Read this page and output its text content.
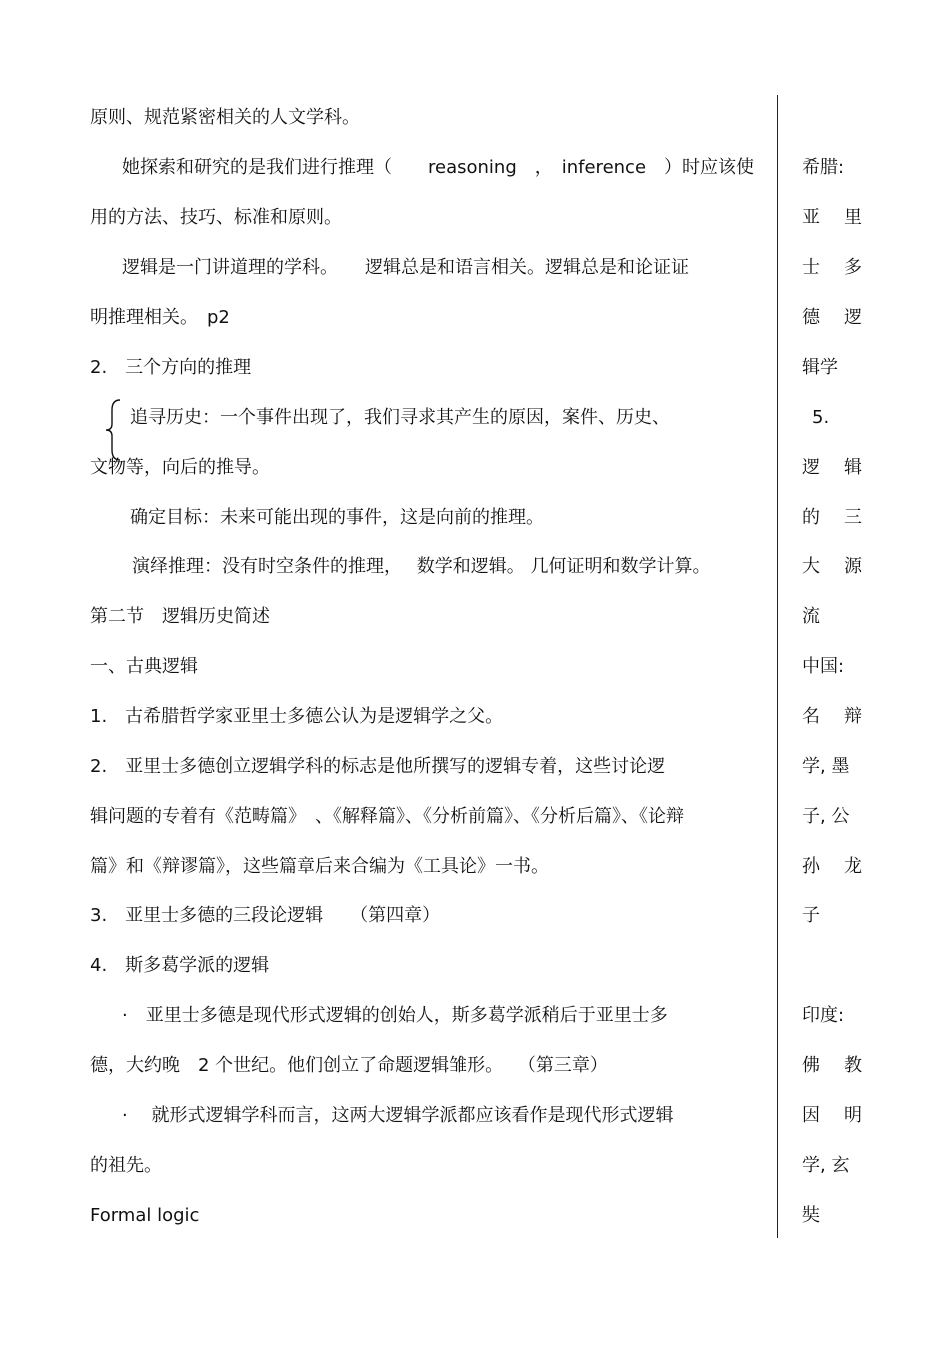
原则、规范紧密相关的人文学科。
她探索和研究的是我们进行推理（　　reasoning　，　inference　）时应该使
用的方法、技巧、标准和原则。
逻辑是一门讲道理的学科。　　逻辑总是和语言相关。逻辑总是和论证证
明推理相关。　p2
2.　三个方向的推理
追寻历史：一个事件出现了，我们寻求其产生的原因，案件、历史、
文物等，向后的推导。
确定目标：未来可能出现的事件，这是向前的推理。
演绎推理：没有时空条件的推理，　 数学和逻辑。 几何证明和数学计算。
第二节　逻辑历史简述
一、古典逻辑
1.　古希腊哲学家亚里士多德公认为是逻辑学之父。
2.　亚里士多德创立逻辑学科的标志是他所撰写的逻辑专着，这些讨论逻
辑问题的专着有《范畴篇》　、《解释篇》、《分析前篇》、《分析后篇》、《论辩
篇》和《辩谬篇》，这些篇章后来合编为《工具论》一书。
3.　亚里士多德的三段论逻辑　　（第四章）
4.　斯多葛学派的逻辑
·　亚里士多德是现代形式逻辑的创始人，斯多葛学派稍后于亚里士多
德，大约晚　2 个世纪。他们创立了命题逻辑雏形。　 （第三章）
·　 就形式逻辑学科而言，这两大逻辑学派都应该看作是现代形式逻辑
的祖先。
Formal logic
希腊:
亚 里
士 多
德 逻
辑学
5.
逻 辑
的 三
大 源
流
中国:
名 辩
学, 墨
子, 公
孙 龙
子
印度:
佛 教
因 明
学, 玄
奘
